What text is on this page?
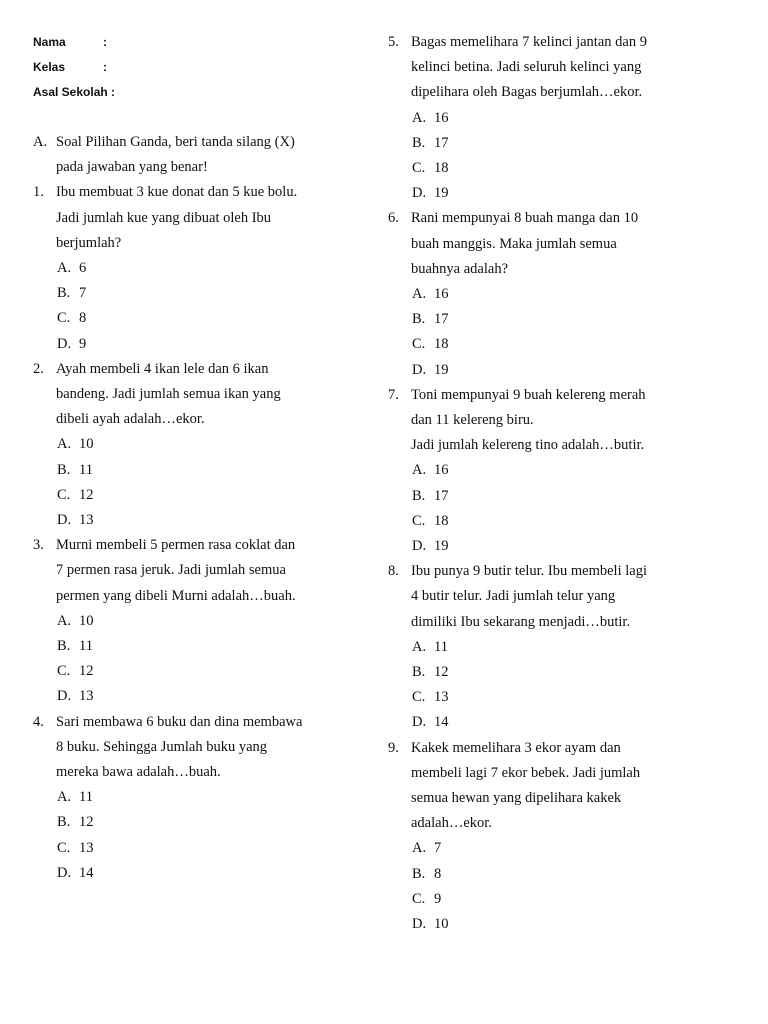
Nama	:
Kelas	:
Asal Sekolah :
A. Soal Pilihan Ganda, beri tanda silang (X)
pada jawaban yang benar!
1. Ibu membuat 3 kue donat dan 5 kue bolu.
Jadi jumlah kue yang dibuat oleh Ibu
berjumlah?
A. 6
B. 7
C. 8
D. 9
2. Ayah membeli 4 ikan lele dan 6 ikan
bandeng. Jadi jumlah semua ikan yang
dibeli ayah adalah…ekor.
A. 10
B. 11
C. 12
D. 13
3. Murni membeli 5 permen rasa coklat dan
7 permen rasa jeruk. Jadi jumlah semua
permen yang dibeli Murni adalah…buah.
A. 10
B. 11
C. 12
D. 13
4. Sari membawa 6 buku dan dina membawa
8 buku. Sehingga Jumlah buku yang
mereka bawa adalah…buah.
A. 11
B. 12
C. 13
D. 14
5. Bagas memelihara 7 kelinci jantan dan 9
kelinci betina. Jadi seluruh kelinci yang
dipelihara oleh Bagas berjumlah…ekor.
A. 16
B. 17
C. 18
D. 19
6. Rani mempunyai 8 buah manga dan 10
buah manggis. Maka jumlah semua
buahnya adalah?
A. 16
B. 17
C. 18
D. 19
7. Toni mempunyai 9 buah kelereng merah
dan 11 kelereng biru.
Jadi jumlah kelereng tino adalah…butir.
A. 16
B. 17
C. 18
D. 19
8. Ibu punya 9 butir telur. Ibu membeli lagi
4 butir telur. Jadi jumlah telur yang
dimiliki Ibu sekarang menjadi…butir.
A. 11
B. 12
C. 13
D. 14
9. Kakek memelihara 3 ekor ayam dan
membeli lagi 7 ekor bebek. Jadi jumlah
semua hewan yang dipelihara kakek
adalah…ekor.
A. 7
B. 8
C. 9
D. 10
